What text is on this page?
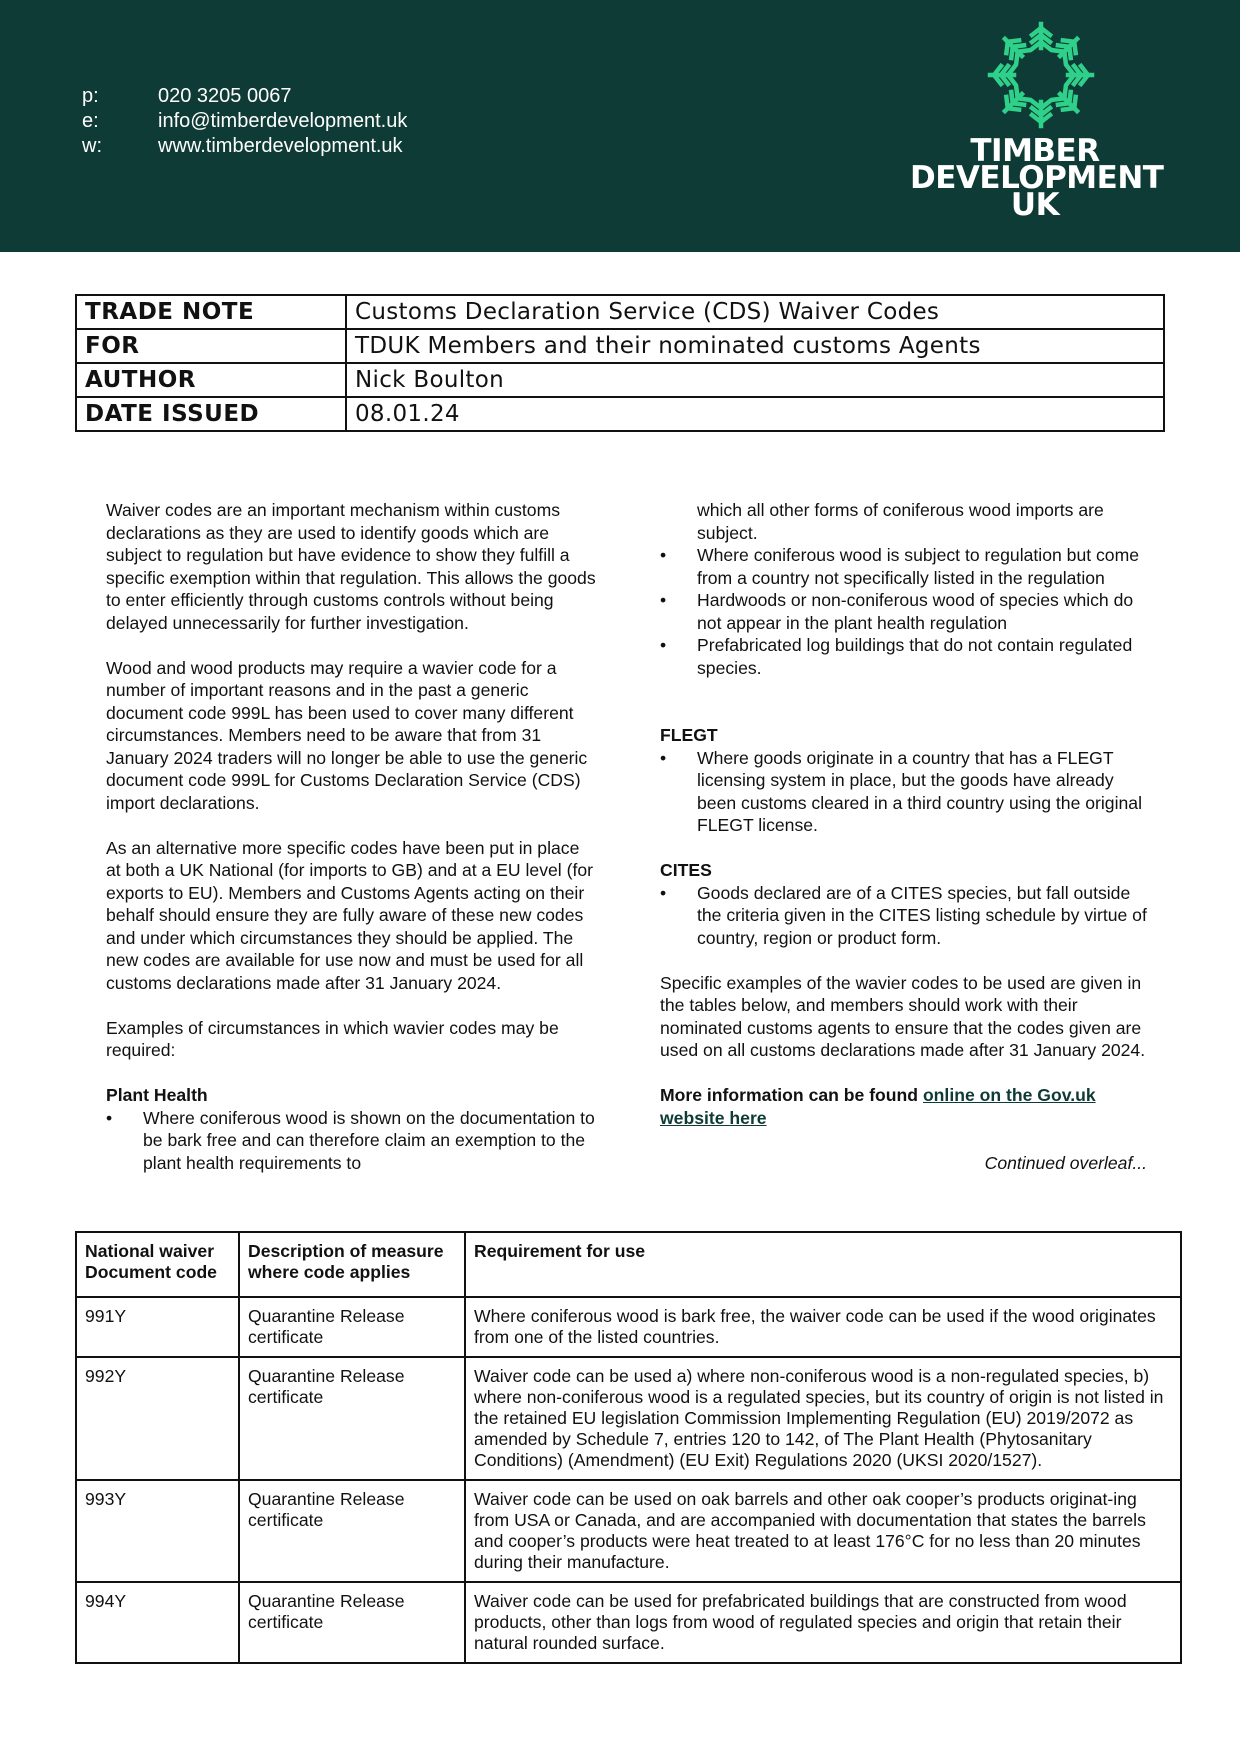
p:	020 3205 0067
e:	info@timberdevelopment.uk
w:	www.timberdevelopment.uk	TIMBER
DEVELOPMENT
UK
TRADE NOTE	Customs Declaration Service (CDS) Waiver Codes
FOR	TDUK Members and their nominated customs Agents
AUTHOR	Nick Boulton
DATE ISSUED	08.01.24

Waiver codes are an important mechanism within customs declarations as they are used to identify goods which are subject to regulation but have evidence to show they fulfill a specific exemption within that regulation. This allows the goods to enter efficiently through customs controls without being delayed unnecessarily for further investigation.

Wood and wood products may require a wavier code for a number of important reasons and in the past a generic document code 999L has been used to cover many different circumstances. Members need to be aware that from 31 January 2024 traders will no longer be able to use the generic document code 999L for Customs Declaration Service (CDS) import declarations.

As an alternative more specific codes have been put in place at both a UK National (for imports to GB) and at a EU level (for exports to EU). Members and Customs Agents acting on their behalf should ensure they are fully aware of these new codes and under which circumstances they should be applied. The new codes are available for use now and must be used for all customs declarations made after 31 January 2024.

Examples of circumstances in which wavier codes may be required:

Plant Health
• Where coniferous wood is shown on the documentation to be bark free and can therefore claim an exemption to the plant health requirements to
which all other forms of coniferous wood imports are subject.
• Where coniferous wood is subject to regulation but come from a country not specifically listed in the regulation
• Hardwoods or non-coniferous wood of species which do not appear in the plant health regulation
• Prefabricated log buildings that do not contain regulated species.
FLEGT
• Where goods originate in a country that has a FLEGT licensing system in place, but the goods have already been customs cleared in a third country using the original FLEGT license.
CITES
• Goods declared are of a CITES species, but fall outside the criteria given in the CITES listing schedule by virtue of country, region or product form.

Specific examples of the wavier codes to be used are given in the tables below, and members should work with their nominated customs agents to ensure that the codes given are used on all customs declarations made after 31 January 2024.

More information can be found online on the Gov.uk website here

Continued overleaf...

National waiver Document code	Description of measure where code applies	Requirement for use
991Y	Quarantine Release certificate	Where coniferous wood is bark free, the waiver code can be used if the wood originates from one of the listed countries.
992Y	Quarantine Release certificate	Waiver code can be used a) where non-coniferous wood is a non-regulated species, b) where non-coniferous wood is a regulated species, but its country of origin is not listed in the retained EU legislation Commission Implementing Regulation (EU) 2019/2072 as amended by Schedule 7, entries 120 to 142, of The Plant Health (Phytosanitary Conditions) (Amendment) (EU Exit) Regulations 2020 (UKSI 2020/1527).
993Y	Quarantine Release certificate	Waiver code can be used on oak barrels and other oak cooper’s products originat-ing from USA or Canada, and are accompanied with documentation that states the barrels and cooper’s products were heat treated to at least 176°C for no less than 20 minutes during their manufacture.
994Y	Quarantine Release certificate	Waiver code can be used for prefabricated buildings that are constructed from wood products, other than logs from wood of regulated species and origin that retain their natural rounded surface.
